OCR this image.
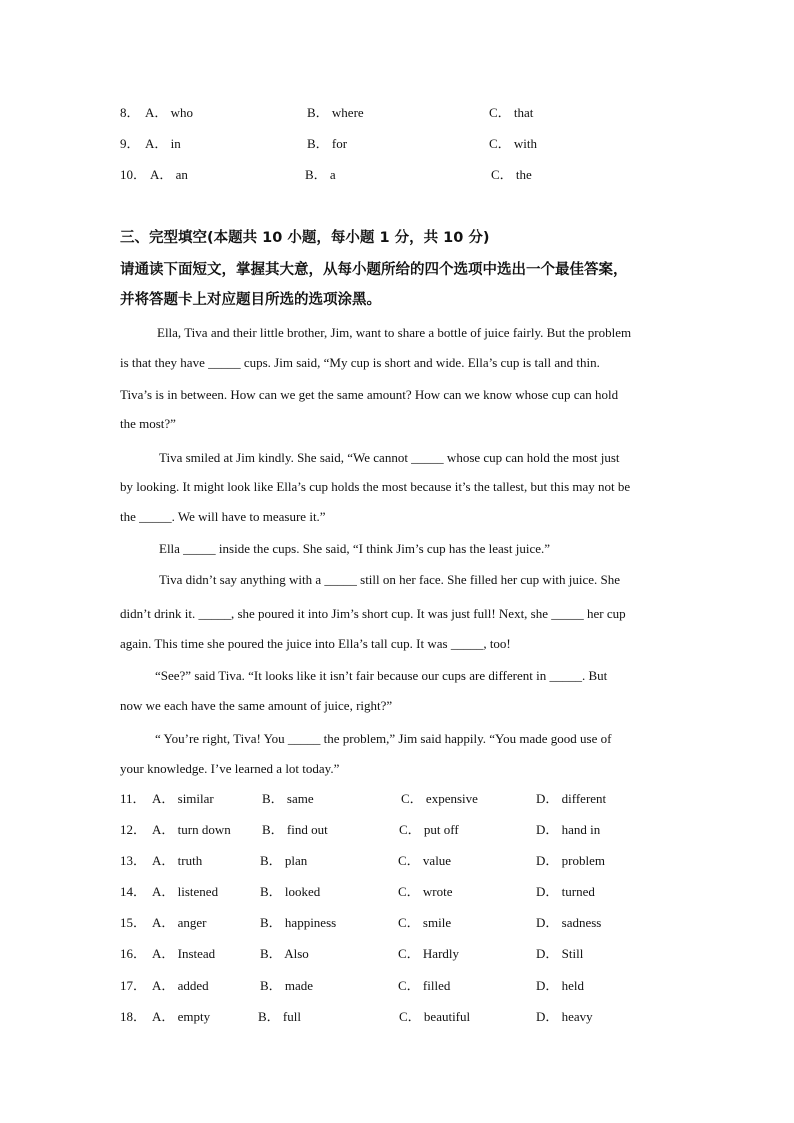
8． A． who	B． where	C． that
9． A． in	B． for	C． with
10． A． an	B． a	C． the
三、完型填空(本题共 10 小题，每小题 1 分，共 10 分)
请通读下面短文，掌握其大意，从每小题所给的四个选项中选出一个最佳答案，
并将答题卡上对应题目所选的选项涂黑。
Ella, Tiva and their little brother, Jim, want to share a bottle of juice fairly. But the problem
is that they have _____ cups. Jim said, “My cup is short and wide. Ella’s cup is tall and thin.
Tiva’s is in between. How can we get the same amount? How can we know whose cup can hold
the most?”
Tiva smiled at Jim kindly. She said, “We cannot _____ whose cup can hold the most just
by looking. It might look like Ella’s cup holds the most because it’s the tallest, but this may not be
the _____. We will have to measure it.”
Ella _____ inside the cups. She said, “I think Jim’s cup has the least juice.”
Tiva didn’t say anything with a _____ still on her face. She filled her cup with juice. She
didn’t drink it. _____, she poured it into Jim’s short cup. It was just full! Next, she _____ her cup
again. This time she poured the juice into Ella’s tall cup. It was _____, too!
“See?” said Tiva. “It looks like it isn’t fair because our cups are different in _____. But
now we each have the same amount of juice, right?”
“ You’re right, Tiva! You _____ the problem,” Jim said happily. “You made good use of
your knowledge. I’ve learned a lot today.”
11． A． similar	B． same	C． expensive	D． different
12． A． turn down B． find out	C． put off	D． hand in
13． A． truth	B． plan	C． value	D． problem
14． A． listened	B． looked	C． wrote	D． turned
15． A． anger	B． happiness	C． smile	D． sadness
16． A． Instead	B． Also	C． Hardly	D． Still
17． A． added	B． made	C． filled	D． held
18． A． empty	B． full	C． beautiful	D． heavy
